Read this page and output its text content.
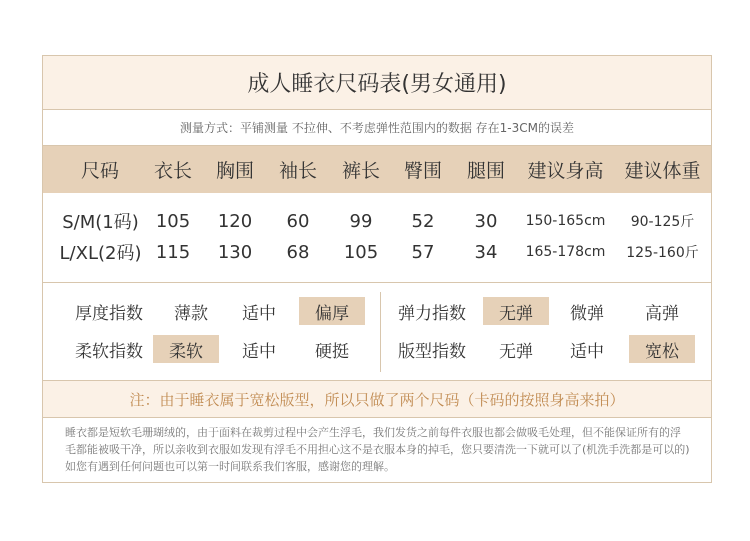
成人睡衣尺码表(男女通用)
测量方式：平铺测量 不拉伸、不考虑弹性范围内的数据 存在1-3CM的误差
尺码	衣长	胸围	袖长	裤长	臀围	腿围	建议身高	建议体重
S/M(1码) 105	120	60	99	52	30	150-165cm	90-125斤
L/XL(2码) 115	130	68	105	57	34	165-178cm	125-160斤
厚度指数	薄款	适中	偏厚
柔软指数	柔软	适中	硬挺
弹力指数	无弹	微弹	高弹
版型指数	无弹	适中	宽松
注：由于睡衣属于宽松版型，所以只做了两个尺码（卡码的按照身高来拍）
睡衣都是短软毛珊瑚绒的，由于面料在裁剪过程中会产生浮毛，我们发货之前每件衣服也都会做吸毛处理，但不能保证所有的浮毛都能被吸干净，所以亲收到衣服如发现有浮毛不用担心这不是衣服本身的掉毛，您只要清洗一下就可以了(机洗手洗都是可以的)如您有遇到任何问题也可以第一时间联系我们客服，感谢您的理解。
